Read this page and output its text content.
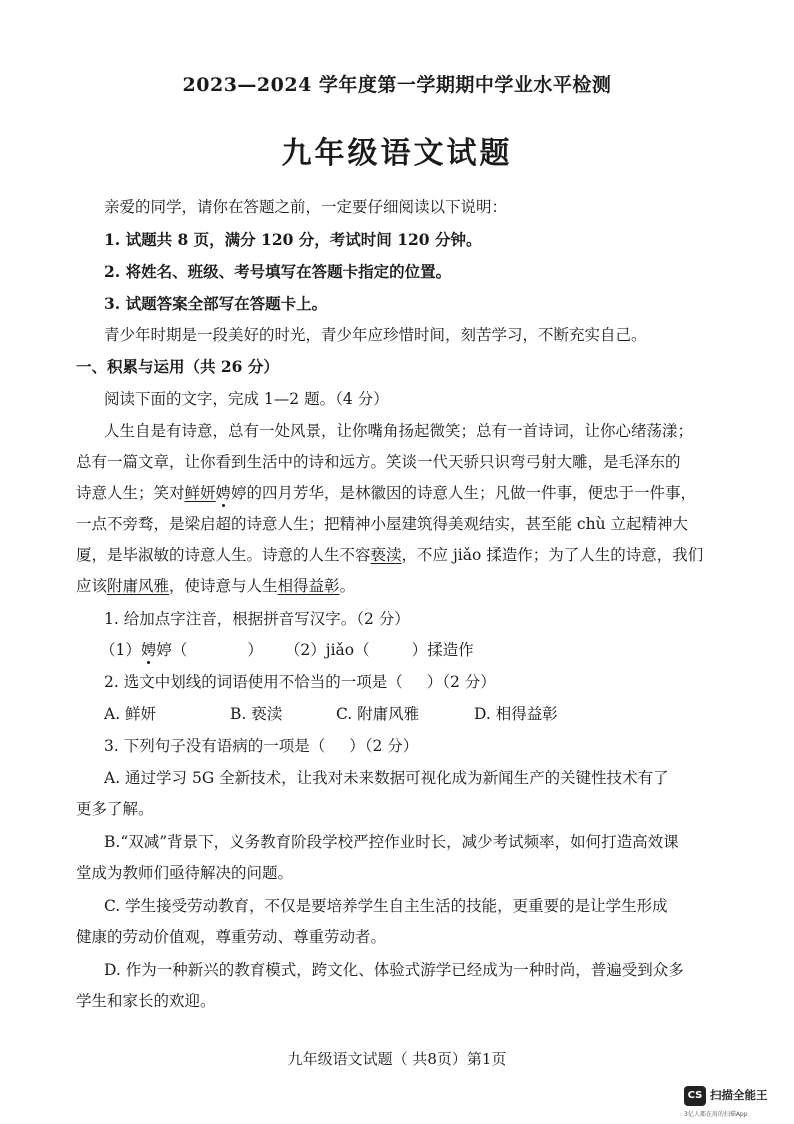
2023—2024 学年度第一学期期中学业水平检测
九年级语文试题
亲爱的同学，请你在答题之前，一定要仔细阅读以下说明：
1. 试题共 8 页，满分 120 分，考试时间 120 分钟。
2. 将姓名、班级、考号填写在答题卡指定的位置。
3. 试题答案全部写在答题卡上。
青少年时期是一段美好的时光，青少年应珍惜时间，刻苦学习，不断充实自己。
一、积累与运用（共 26 分）
阅读下面的文字，完成 1—2 题。（4 分）
人生自是有诗意，总有一处风景，让你嘴角扬起微笑；总有一首诗词，让你心绪荡漾；
总有一篇文章，让你看到生活中的诗和远方。笑谈一代天骄只识弯弓射大雕，是毛泽东的
诗意人生；笑对鲜妍娉婷的四月芳华，是林徽因的诗意人生；凡做一件事，便忠于一件事，
一点不旁骛，是梁启超的诗意人生；把精神小屋建筑得美观结实，甚至能 chù 立起精神大
厦，是毕淑敏的诗意人生。诗意的人生不容亵渎，不应 jiǎo 揉造作；为了人生的诗意，我们
应该附庸风雅，使诗意与人生相得益彰。
1. 给加点字注音，根据拼音写汉字。（2 分）
（1）娉婷（	） （2）jiǎo（	）揉造作
2. 选文中划线的词语使用不恰当的一项是（ ）（2 分）
A. 鲜妍	B. 亵渎	C. 附庸风雅	D. 相得益彰
3. 下列句子没有语病的一项是（ ）（2 分）
A. 通过学习 5G 全新技术，让我对未来数据可视化成为新闻生产的关键性技术有了
更多了解。
B.“双减”背景下，义务教育阶段学校严控作业时长，减少考试频率，如何打造高效课
堂成为教师们亟待解决的问题。
C. 学生接受劳动教育，不仅是要培养学生自主生活的技能，更重要的是让学生形成
健康的劳动价值观，尊重劳动、尊重劳动者。
D. 作为一种新兴的教育模式，跨文化、体验式游学已经成为一种时尚，普遍受到众多
学生和家长的欢迎。
九年级语文试题（ 共8页）第1页
CS 扫描全能王
3亿人都在用的扫描App
